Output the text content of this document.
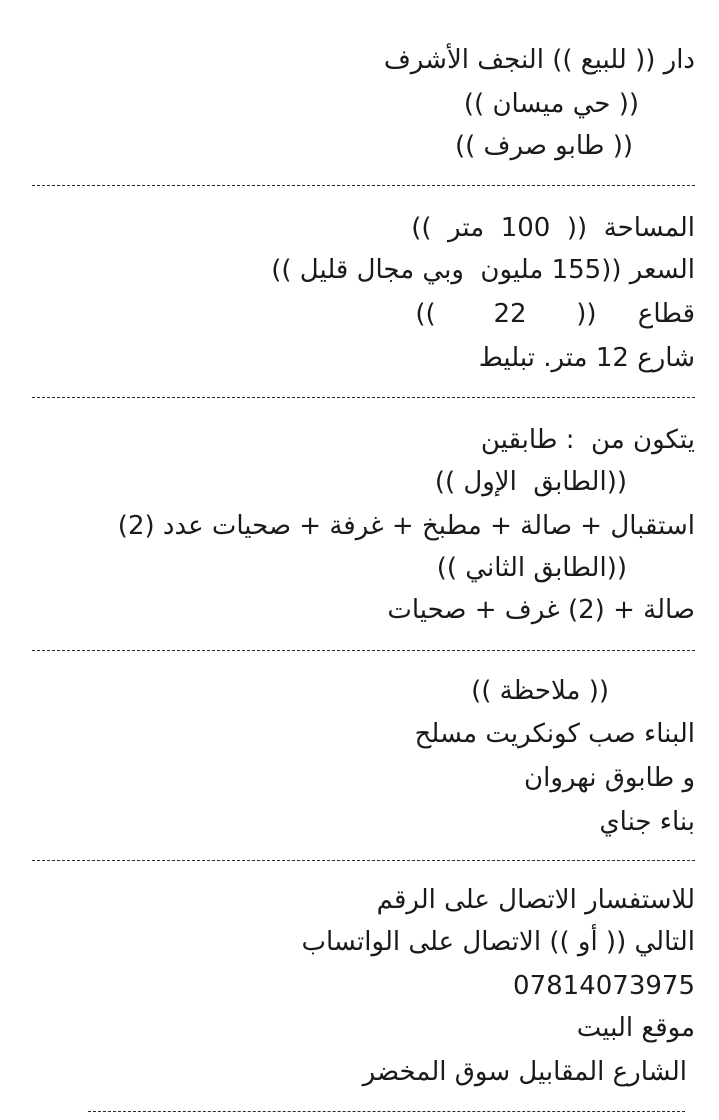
دار (( للبيع )) النجف الأشرف
(( حي ميسان ))
(( طابو صرف ))
المساحة  ((  100  متر  ))
السعر ((155 مليون  وبي مجال قليل ))
قطاع     ((      22       ))
شارع 12 متر. تبليط
يتكون من  : طابقين
((الطابق  الإول ))
استقبال + صالة + مطبخ + غرفة + صحيات عدد (2)
((الطابق الثاني ))
صالة + (2) غرف + صحيات
(( ملاحظة ))
البناء صب كونكريت مسلح
و طابوق نهروان
بناء جناي
للاستفسار الاتصال على الرقم
التالي (( أو )) الاتصال على الواتساب
07814073975
موقع البيت
الشارع المقابيل سوق المخضر
